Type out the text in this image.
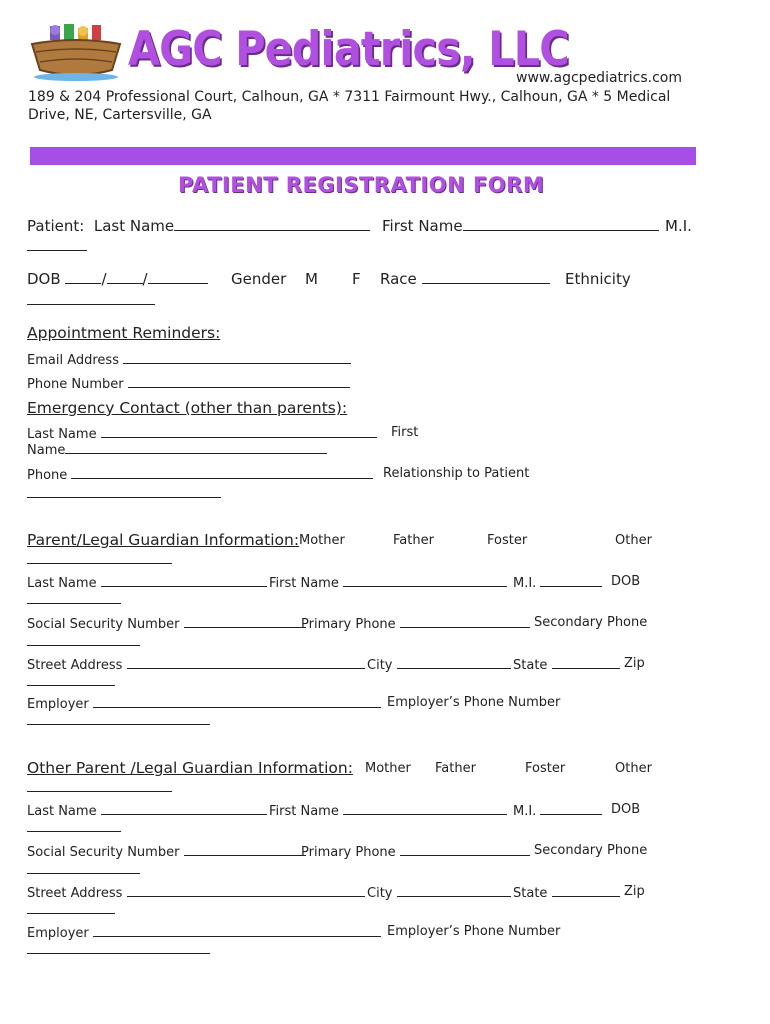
AGC Pediatrics, LLC
www.agcpediatrics.com
189 & 204 Professional Court, Calhoun, GA * 7311 Fairmount Hwy., Calhoun, GA * 5 Medical
Drive, NE, Cartersville, GA
PATIENT REGISTRATION FORM
Patient: Last Name	First Name	M.I.
DOB	/ /	Gender M F Race	Ethnicity
Appointment Reminders:
Email Address
Phone Number
Emergency Contact (other than parents):
Last Name	First
Name
Phone	Relationship to Patient
Parent/Legal Guardian Information: Mother	Father	Foster	Other
Last Name	First Name	M.I.	DOB
Social Security Number	Primary Phone	Secondary Phone
Street Address	City	State	Zip
Employer	Employer’s Phone Number
Other Parent /Legal Guardian Information: Mother Father	Foster	Other
Last Name	First Name	M.I.	DOB
Social Security Number	Primary Phone	Secondary Phone
Street Address	City	State	Zip
Employer	Employer’s Phone Number
